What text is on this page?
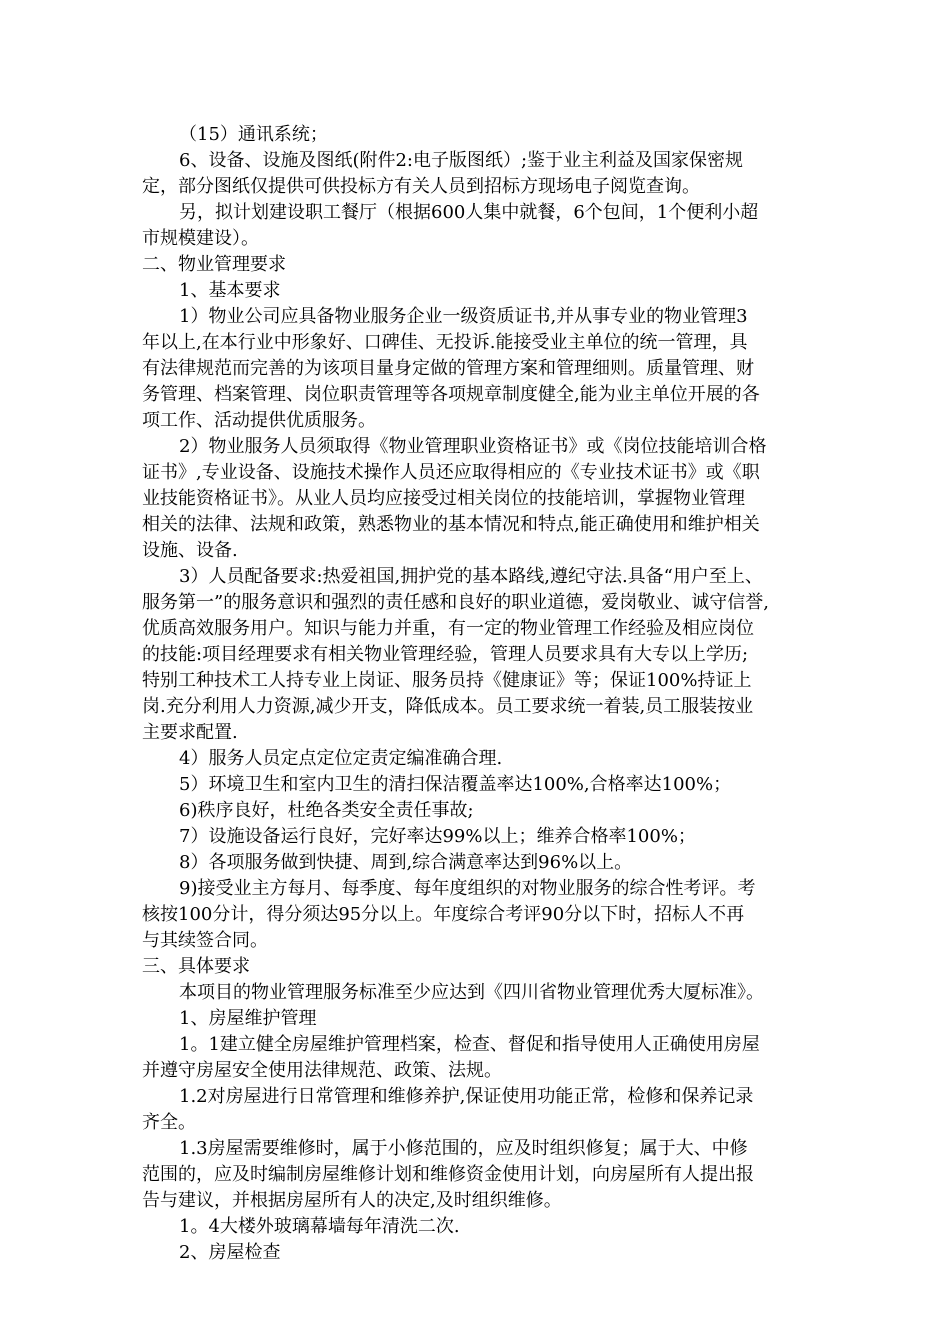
（15）通讯系统；
6、设备、设施及图纸(附件2:电子版图纸）;鉴于业主利益及国家保密规
定，部分图纸仅提供可供投标方有关人员到招标方现场电子阅览查询。
另，拟计划建设职工餐厅（根据600人集中就餐，6个包间，1个便利小超
市规模建设）。
二、物业管理要求
1、基本要求
1）物业公司应具备物业服务企业一级资质证书,并从事专业的物业管理3
年以上,在本行业中形象好、口碑佳、无投诉.能接受业主单位的统一管理，具
有法律规范而完善的为该项目量身定做的管理方案和管理细则。质量管理、财
务管理、档案管理、岗位职责管理等各项规章制度健全,能为业主单位开展的各
项工作、活动提供优质服务。
2）物业服务人员须取得《物业管理职业资格证书》或《岗位技能培训合格
证书》,专业设备、设施技术操作人员还应取得相应的《专业技术证书》或《职
业技能资格证书》。从业人员均应接受过相关岗位的技能培训，掌握物业管理
相关的法律、法规和政策，熟悉物业的基本情况和特点,能正确使用和维护相关
设施、设备.
3）人员配备要求:热爱祖国,拥护党的基本路线,遵纪守法.具备“用户至上、
服务第一”的服务意识和强烈的责任感和良好的职业道德，爱岗敬业、诚守信誉,
优质高效服务用户。知识与能力并重，有一定的物业管理工作经验及相应岗位
的技能:项目经理要求有相关物业管理经验，管理人员要求具有大专以上学历;
特别工种技术工人持专业上岗证、服务员持《健康证》等；保证100%持证上
岗.充分利用人力资源,减少开支，降低成本。员工要求统一着装,员工服装按业
主要求配置.
4）服务人员定点定位定责定编准确合理.
5）环境卫生和室内卫生的清扫保洁覆盖率达100%,合格率达100%；
6)秩序良好，杜绝各类安全责任事故;
7）设施设备运行良好，完好率达99%以上；维养合格率100%；
8）各项服务做到快捷、周到,综合满意率达到96%以上。
9)接受业主方每月、每季度、每年度组织的对物业服务的综合性考评。考
核按100分计，得分须达95分以上。年度综合考评90分以下时，招标人不再
与其续签合同。
三、具体要求
本项目的物业管理服务标准至少应达到《四川省物业管理优秀大厦标准》。
1、房屋维护管理
1。1建立健全房屋维护管理档案，检查、督促和指导使用人正确使用房屋
并遵守房屋安全使用法律规范、政策、法规。
1.2对房屋进行日常管理和维修养护,保证使用功能正常，检修和保养记录
齐全。
1.3房屋需要维修时，属于小修范围的，应及时组织修复；属于大、中修
范围的，应及时编制房屋维修计划和维修资金使用计划，向房屋所有人提出报
告与建议，并根据房屋所有人的决定,及时组织维修。
1。4大楼外玻璃幕墙每年清洗二次.
2、房屋检查
